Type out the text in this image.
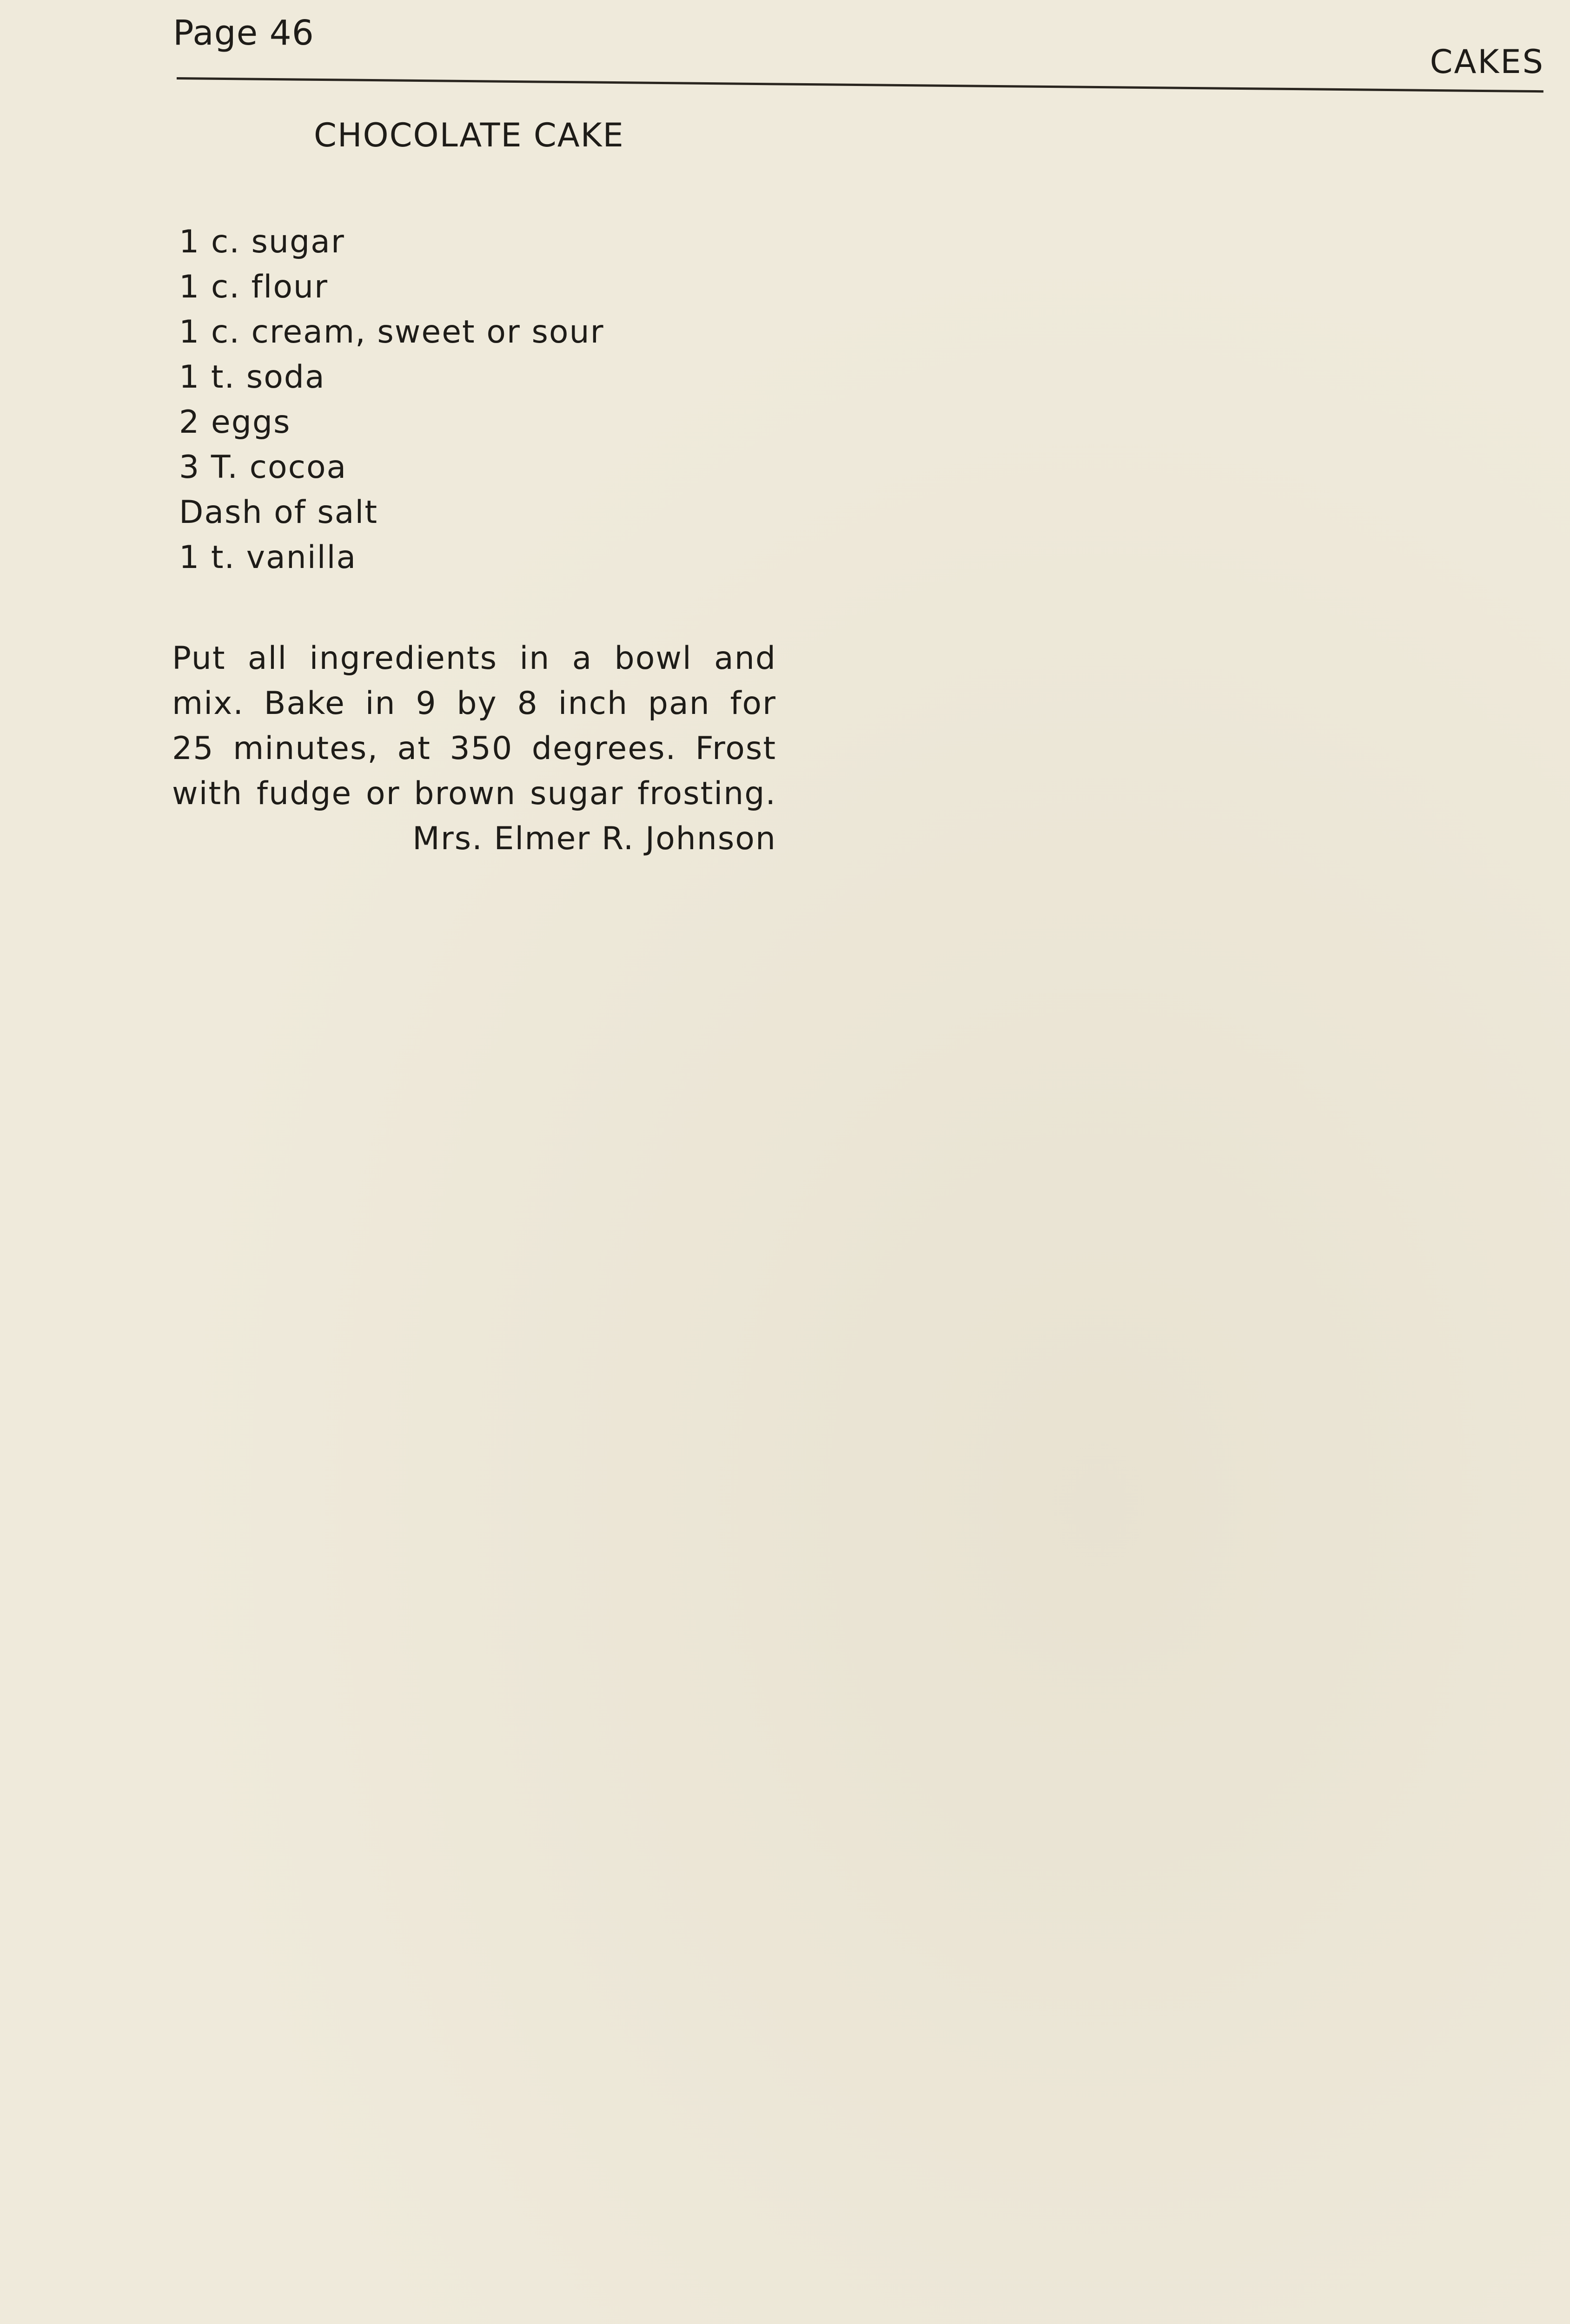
Page 46
CAKES
CHOCOLATE CAKE
1 c. sugar
1 c. flour
1 c. cream, sweet or sour
1 t. soda
2 eggs
3 T. cocoa
Dash of salt
1 t. vanilla

Put all ingredients in a bowl and
mix. Bake in 9 by 8 inch pan for
25 minutes, at 350 degrees. Frost
with fudge or brown sugar frosting.

Mrs. Elmer R. Johnson
